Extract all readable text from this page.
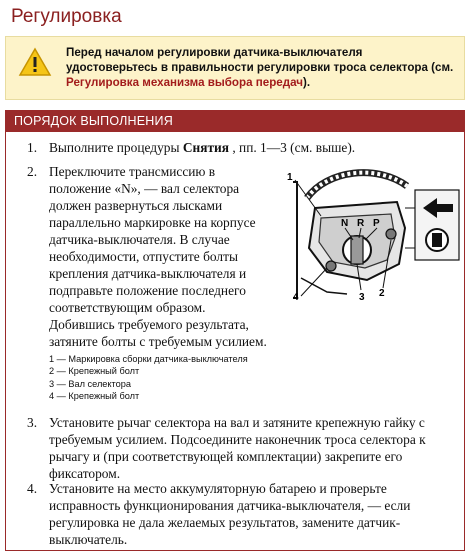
Регулировка
Перед началом регулировки датчика-выключателя
удостоверьтесь в правильности регулировки троса селектора (см.
Регулировка механизма выбора передач).
ПОРЯДОК ВЫПОЛНЕНИЯ
1.
2.
3.
4.
Выполните процедуры Снятия , пп. 1—3 (см. выше).
Переключите трансмиссию в
положение «N», — вал селектора
должен развернуться лысками
параллельно маркировке на корпусе
датчика-выключателя. В случае
необходимости, отпустите болты
крепления датчика-выключателя и
подправьте положение последнего
соответствующим образом.
Добившись требуемого результата,
затяните болты с требуемым усилием.
N R P
1
3 2
4
1 — Маркировка сборки датчика-выключателя
2 — Крепежный болт
3 — Вал селектора
4 — Крепежный болт
Установите рычаг селектора на вал и затяните крепежную гайку с
требуемым усилием. Подсоедините наконечник троса селектора к
рычагу и (при соответствующей комплектации) закрепите его
фиксатором.
Установите на место аккумуляторную батарею и проверьте
исправность функционирования датчика-выключателя, — если
регулировка не дала желаемых результатов, замените датчик-
выключатель.
